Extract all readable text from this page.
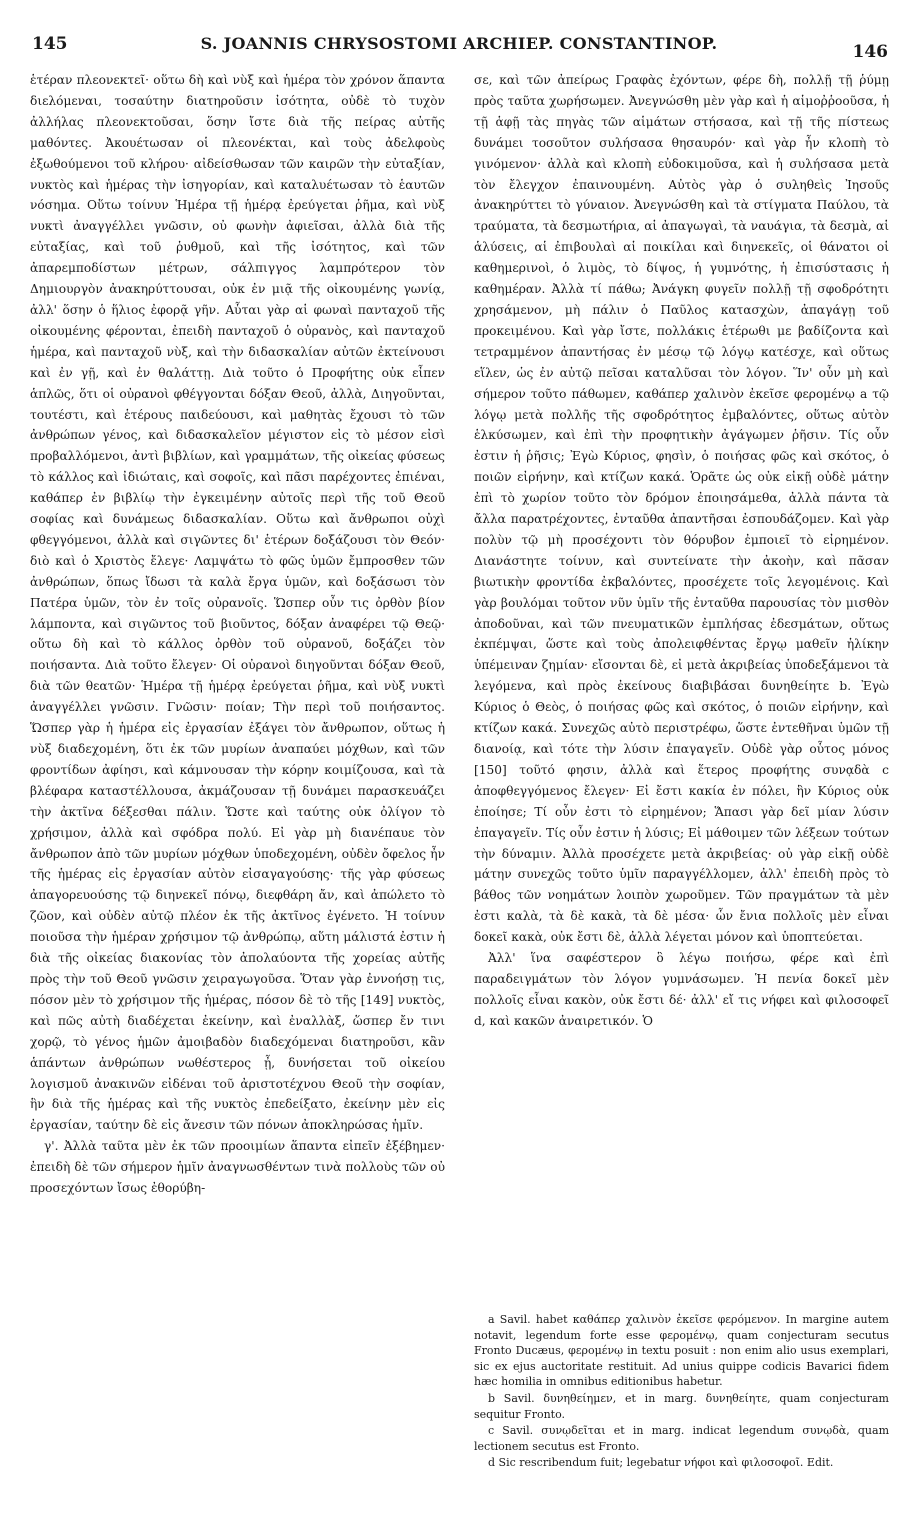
145	S. JOANNIS CHRYSOSTOMI ARCHIEP. CONSTANTINOP.	146

ἑτέραν πλεονεκτεῖ· οὕτω δὴ καὶ νὺξ καὶ ἡμέρα τὸν χρόνον ἅπαντα διελόμεναι, τοσαύτην διατηροῦσιν ἰσότητα, οὐδὲ τὸ τυχὸν ἀλλήλας πλεονεκτοῦσαι, ὅσην ἴστε διὰ τῆς πείρας αὐτῆς μαθόντες. Ἀκουέτωσαν οἱ πλεονέκται, καὶ τοὺς ἀδελφοὺς ἐξωθούμενοι τοῦ κλήρου· αἰδείσθωσαν τῶν καιρῶν τὴν εὐταξίαν, νυκτὸς καὶ ἡμέρας τὴν ἰσηγορίαν, καὶ καταλυέτωσαν τὸ ἑαυτῶν νόσημα. Οὕτω τοίνυν Ἡμέρα τῇ ἡμέρᾳ ἐρεύγεται ῥῆμα, καὶ νὺξ νυκτὶ ἀναγγέλλει γνῶσιν, οὐ φωνὴν ἀφιεῖσαι, ἀλλὰ διὰ τῆς εὐταξίας, καὶ τοῦ ῥυθμοῦ, καὶ τῆς ἰσότητος, καὶ τῶν ἀπαρεμποδίστων μέτρων, σάλπιγγος λαμπρότερον τὸν Δημιουργὸν ἀνακηρύττουσαι, οὐκ ἐν μιᾷ τῆς οἰκουμένης γωνίᾳ, ἀλλ' ὅσην ὁ ἥλιος ἐφορᾷ γῆν. Αὗται γὰρ αἱ φωναὶ πανταχοῦ τῆς οἰκουμένης φέρονται, ἐπειδὴ πανταχοῦ ὁ οὐρανὸς, καὶ πανταχοῦ ἡμέρα, καὶ πανταχοῦ νὺξ, καὶ τὴν διδασκαλίαν αὐτῶν ἐκτείνουσι καὶ ἐν γῇ, καὶ ἐν θαλάττῃ. Διὰ τοῦτο ὁ Προφήτης οὐκ εἶπεν ἁπλῶς, ὅτι οἱ οὐρανοὶ φθέγγονται δόξαν Θεοῦ, ἀλλὰ, Διηγοῦνται, τουτέστι, καὶ ἑτέρους παιδεύουσι, καὶ μαθητὰς ἔχουσι τὸ τῶν ἀνθρώπων γένος, καὶ διδασκαλεῖον μέγιστον εἰς τὸ μέσον εἰσὶ προβαλλόμενοι, ἀντὶ βιβλίων, καὶ γραμμάτων, τῆς οἰκείας φύσεως τὸ κάλλος καὶ ἰδιώταις, καὶ σοφοῖς, καὶ πᾶσι παρέχοντες ἐπιέναι, καθάπερ ἐν βιβλίῳ τὴν ἐγκειμένην αὐτοῖς περὶ τῆς τοῦ Θεοῦ σοφίας καὶ δυνάμεως διδασκαλίαν. Οὕτω καὶ ἄνθρωποι οὐχὶ φθεγγόμενοι, ἀλλὰ καὶ σιγῶντες δι' ἑτέρων δοξάζουσι τὸν Θεόν· διὸ καὶ ὁ Χριστὸς ἔλεγε· Λαμψάτω τὸ φῶς ὑμῶν ἔμπροσθεν τῶν ἀνθρώπων, ὅπως ἴδωσι τὰ καλὰ ἔργα ὑμῶν, καὶ δοξάσωσι τὸν Πατέρα ὑμῶν, τὸν ἐν τοῖς οὐρανοῖς. Ὥσπερ οὖν τις ὀρθὸν βίον λάμποντα, καὶ σιγῶντος τοῦ βιοῦντος, δόξαν ἀναφέρει τῷ Θεῷ· οὕτω δὴ καὶ τὸ κάλλος ὀρθὸν τοῦ οὐρανοῦ, δοξάζει τὸν ποιήσαντα. Διὰ τοῦτο ἔλεγεν· Οἱ οὐρανοὶ διηγοῦνται δόξαν Θεοῦ, διὰ τῶν θεατῶν· Ἡμέρα τῇ ἡμέρᾳ ἐρεύγεται ῥῆμα, καὶ νὺξ νυκτὶ ἀναγγέλλει γνῶσιν. Γνῶσιν· ποίαν; Τὴν περὶ τοῦ ποιήσαντος. Ὥσπερ γὰρ ἡ ἡμέρα εἰς ἐργασίαν ἐξάγει τὸν ἄνθρωπον, οὕτως ἡ νὺξ διαδεχομένη, ὅτι ἐκ τῶν μυρίων ἀναπαύει μόχθων, καὶ τῶν φροντίδων ἀφίησι, καὶ κάμνουσαν τὴν κόρην κοιμίζουσα, καὶ τὰ βλέφαρα καταστέλλουσα, ἀκμάζουσαν τῇ δυνάμει παρασκευάζει τὴν ἀκτῖνα δέξεσθαι πάλιν. Ὥστε καὶ ταύτης οὐκ ὀλίγον τὸ χρήσιμον, ἀλλὰ καὶ σφόδρα πολύ. Εἰ γὰρ μὴ διανέπαυε τὸν ἄνθρωπον ἀπὸ τῶν μυρίων μόχθων ὑποδεχομένη, οὐδὲν ὄφελος ἦν τῆς ἡμέρας εἰς ἐργασίαν αὐτὸν εἰσαγαγούσης· τῆς γὰρ φύσεως ἀπαγορευούσης τῷ διηνεκεῖ πόνῳ, διεφθάρη ἄν, καὶ ἀπώλετο τὸ ζῶον, καὶ οὐδὲν αὐτῷ πλέον ἐκ τῆς ἀκτῖνος ἐγένετο. Ἡ τοίνυν ποιοῦσα τὴν ἡμέραν χρήσιμον τῷ ἀνθρώπῳ, αὕτη μάλιστά ἐστιν ἡ διὰ τῆς οἰκείας διακονίας τὸν ἀπολαύοντα τῆς χορείας αὐτῆς πρὸς τὴν τοῦ Θεοῦ γνῶσιν χειραγωγοῦσα. Ὅταν γὰρ ἐννοήσῃ τις, πόσον μὲν τὸ χρήσιμον τῆς ἡμέρας, πόσον δὲ τὸ τῆς [149] νυκτὸς, καὶ πῶς αὐτὴ διαδέχεται ἐκείνην, καὶ ἐναλλὰξ, ὥσπερ ἔν τινι χορῷ, τὸ γένος ἡμῶν ἀμοιβαδὸν διαδεχόμεναι διατηροῦσι, κἂν ἁπάντων ἀνθρώπων νωθέστερος ᾖ, δυνήσεται τοῦ οἰκείου λογισμοῦ ἀνακινῶν εἰδέναι τοῦ ἀριστοτέχνου Θεοῦ τὴν σοφίαν, ἣν διὰ τῆς ἡμέρας καὶ τῆς νυκτὸς ἐπεδείξατο, ἐκείνην μὲν εἰς ἐργασίαν, ταύτην δὲ εἰς ἄνεσιν τῶν πόνων ἀποκληρώσας ἡμῖν.

γ'. Ἀλλὰ ταῦτα μὲν ἐκ τῶν προοιμίων ἅπαντα εἰπεῖν ἐξέβημεν· ἐπειδὴ δὲ τῶν σήμερον ἡμῖν ἀναγνωσθέντων τινὰ πολλοὺς τῶν οὐ προσεχόντων ἴσως ἐθορύβη-

σε, καὶ τῶν ἀπείρως Γραφὰς ἐχόντων, φέρε δὴ, πολλῇ τῇ ῥύμῃ πρὸς ταῦτα χωρήσωμεν. Ἀνεγνώσθη μὲν γὰρ καὶ ἡ αἱμοῤῥοοῦσα, ἡ τῇ ἁφῇ τὰς πηγὰς τῶν αἱμάτων στήσασα, καὶ τῇ τῆς πίστεως δυνάμει τοσοῦτον συλήσασα θησαυρόν· καὶ γὰρ ἦν κλοπὴ τὸ γινόμενον· ἀλλὰ καὶ κλοπὴ εὐδοκιμοῦσα, καὶ ἡ συλήσασα μετὰ τὸν ἔλεγχον ἐπαινουμένη. Αὐτὸς γὰρ ὁ συληθεὶς Ἰησοῦς ἀνακηρύττει τὸ γύναιον. Ἀνεγνώσθη καὶ τὰ στίγματα Παύλου, τὰ τραύματα, τὰ δεσμωτήρια, αἱ ἀπαγωγαὶ, τὰ ναυάγια, τὰ δεσμὰ, αἱ ἁλύσεις, αἱ ἐπιβουλαὶ αἱ ποικίλαι καὶ διηνεκεῖς, οἱ θάνατοι οἱ καθημερινοὶ, ὁ λιμὸς, τὸ δίψος, ἡ γυμνότης, ἡ ἐπισύστασις ἡ καθημέραν. Ἀλλὰ τί πάθω; Ἀνάγκη φυγεῖν πολλῇ τῇ σφοδρότητι χρησάμενον, μὴ πάλιν ὁ Παῦλος κατασχὼν, ἀπαγάγῃ τοῦ προκειμένου. Καὶ γὰρ ἴστε, πολλάκις ἑτέρωθι με βαδίζοντα καὶ τετραμμένον ἀπαντήσας ἐν μέσῳ τῷ λόγῳ κατέσχε, καὶ οὕτως εἵλεν, ὡς ἐν αὐτῷ πεῖσαι καταλῦσαι τὸν λόγον. Ἵν' οὖν μὴ καὶ σήμερον τοῦτο πάθωμεν, καθάπερ χαλινὸν ἐκεῖσε φερομένῳ a τῷ λόγῳ μετὰ πολλῆς τῆς σφοδρότητος ἐμβαλόντες, οὕτως αὐτὸν ἑλκύσωμεν, καὶ ἐπὶ τὴν προφητικὴν ἀγάγωμεν ῥῆσιν. Τίς οὖν ἐστιν ἡ ῥῆσις; Ἐγὼ Κύριος, φησὶν, ὁ ποιήσας φῶς καὶ σκότος, ὁ ποιῶν εἰρήνην, καὶ κτίζων κακά. Ὁρᾶτε ὡς οὐκ εἰκῇ οὐδὲ μάτην ἐπὶ τὸ χωρίον τοῦτο τὸν δρόμον ἐποιησάμεθα, ἀλλὰ πάντα τὰ ἄλλα παρατρέχοντες, ἐνταῦθα ἀπαντῆσαι ἐσπουδάζομεν. Καὶ γὰρ πολὺν τῷ μὴ προσέχοντι τὸν θόρυβον ἐμποιεῖ τὸ εἰρημένον. Διανάστητε τοίνυν, καὶ συντείνατε τὴν ἀκοὴν, καὶ πᾶσαν βιωτικὴν φροντίδα ἐκβαλόντες, προσέχετε τοῖς λεγομένοις. Καὶ γὰρ βουλόμαι τοῦτον νῦν ὑμῖν τῆς ἐνταῦθα παρουσίας τὸν μισθὸν ἀποδοῦναι, καὶ τῶν πνευματικῶν ἐμπλήσας ἐδεσμάτων, οὕτως ἐκπέμψαι, ὥστε καὶ τοὺς ἀπολειφθέντας ἔργῳ μαθεῖν ἡλίκην ὑπέμειναν ζημίαν· εἴσονται δὲ, εἰ μετὰ ἀκριβείας ὑποδεξάμενοι τὰ λεγόμενα, καὶ πρὸς ἐκείνους διαβιβάσαι δυνηθείητε b. Ἐγὼ Κύριος ὁ Θεὸς, ὁ ποιήσας φῶς καὶ σκότος, ὁ ποιῶν εἰρήνην, καὶ κτίζων κακά. Συνεχῶς αὐτὸ περιστρέφω, ὥστε ἐντεθῆναι ὑμῶν τῇ διανοίᾳ, καὶ τότε τὴν λύσιν ἐπαγαγεῖν. Οὐδὲ γὰρ οὗτος μόνος [150] τοῦτό φησιν, ἀλλὰ καὶ ἕτερος προφήτης συνᾳδὰ c ἀποφθεγγόμενος ἔλεγεν· Εἰ ἔστι κακία ἐν πόλει, ἣν Κύριος οὐκ ἐποίησε; Τί οὖν ἐστι τὸ εἰρημένον; Ἅπασι γὰρ δεῖ μίαν λύσιν ἐπαγαγεῖν. Τίς οὖν ἐστιν ἡ λύσις; Εἰ μάθοιμεν τῶν λέξεων τούτων τὴν δύναμιν. Ἀλλὰ προσέχετε μετὰ ἀκριβείας· οὐ γὰρ εἰκῇ οὐδὲ μάτην συνεχῶς τοῦτο ὑμῖν παραγγέλλομεν, ἀλλ' ἐπειδὴ πρὸς τὸ βάθος τῶν νοημάτων λοιπὸν χωροῦμεν. Τῶν πραγμάτων τὰ μὲν ἐστι καλὰ, τὰ δὲ κακὰ, τὰ δὲ μέσα· ὧν ἔνια πολλοῖς μὲν εἶναι δοκεῖ κακὰ, οὐκ ἔστι δὲ, ἀλλὰ λέγεται μόνον καὶ ὑποπτεύεται.

Ἀλλ' ἵνα σαφέστερον ὃ λέγω ποιήσω, φέρε καὶ ἐπὶ παραδειγμάτων τὸν λόγον γυμνάσωμεν. Ἡ πενία δοκεῖ μὲν πολλοῖς εἶναι κακὸν, οὐκ ἔστι δέ· ἀλλ' εἴ τις νήφει καὶ φιλοσοφεῖ d, καὶ κακῶν ἀναιρετικόν. Ὁ

a Savil. habet καθάπερ χαλινὸν ἐκεῖσε φερόμενον. In margine autem notavit, legendum forte esse φερομένῳ, quam conjecturam secutus Fronto Ducæus, φερομένῳ in textu posuit : non enim alio usus exemplari, sic ex ejus auctoritate restituit. Ad unius quippe codicis Bavarici fidem hæc homilia in omnibus editionibus habetur.

b Savil. δυνηθείημεν, et in marg. δυνηθείητε, quam conjecturam sequitur Fronto.

c Savil. συνῳδεῖται et in marg. indicat legendum συνῳδὰ, quam lectionem secutus est Fronto.

d Sic rescribendum fuit; legebatur νήφοι καὶ φιλοσοφοῖ. Edit.
